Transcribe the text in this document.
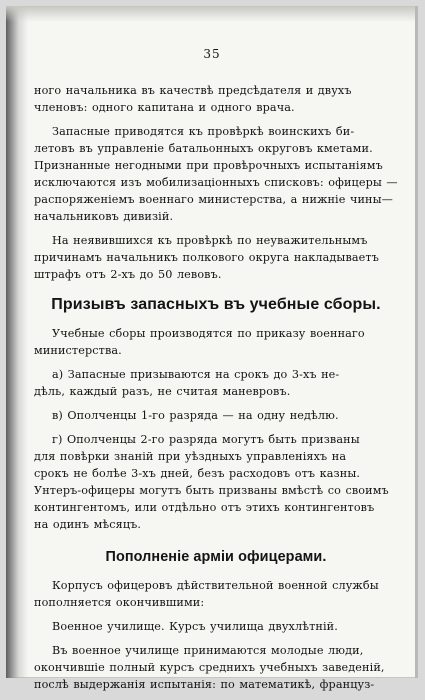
35
ного начальника въ качествѣ предсѣдателя и двухъ
членовъ: одного капитана и одного врача.
Запасные приводятся къ провѣркѣ воинскихъ би-
летовъ въ управленіе батальонныхъ округовъ кметами.
Признанные негодными при провѣрочныхъ испытаніямъ
исключаются изъ мобилизаціонныхъ списковъ: офицеры —
распоряженіемъ военнаго министерства, а нижніе чины—
начальниковъ дивизій.
На неявившихся къ провѣркѣ по неуважительнымъ
причинамъ начальникъ полкового округа накладываетъ
штрафъ отъ 2-хъ до 50 левовъ.
Призывъ запасныхъ въ учебные сборы.
Учебные сборы производятся по приказу военнаго
министерства.
а) Запасные призываются на срокъ до 3-хъ не-
дѣль, каждый разъ, не считая маневровъ.
в) Ополченцы 1-го разряда — на одну недѣлю.
г) Ополченцы 2-го разряда могутъ быть призваны
для повѣрки знаній при уѣздныхъ управленіяхъ на
срокъ не болѣе 3-хъ дней, безъ расходовъ отъ казны.
Унтеръ-офицеры могутъ быть призваны вмѣстѣ со своимъ
контингентомъ, или отдѣльно отъ этихъ контингентовъ
на одинъ мѣсяцъ.
Пополненіе арміи офицерами.
Корпусъ офицеровъ дѣйствительной военной службы
пополняется окончившими:
Военное училище. Курсъ училища двухлѣтній.
Въ военное училище принимаются молодые люди,
окончившіе полный курсъ среднихъ учебныхъ заведеній,
послѣ выдержанія испытанія: по математикѣ, француз-
